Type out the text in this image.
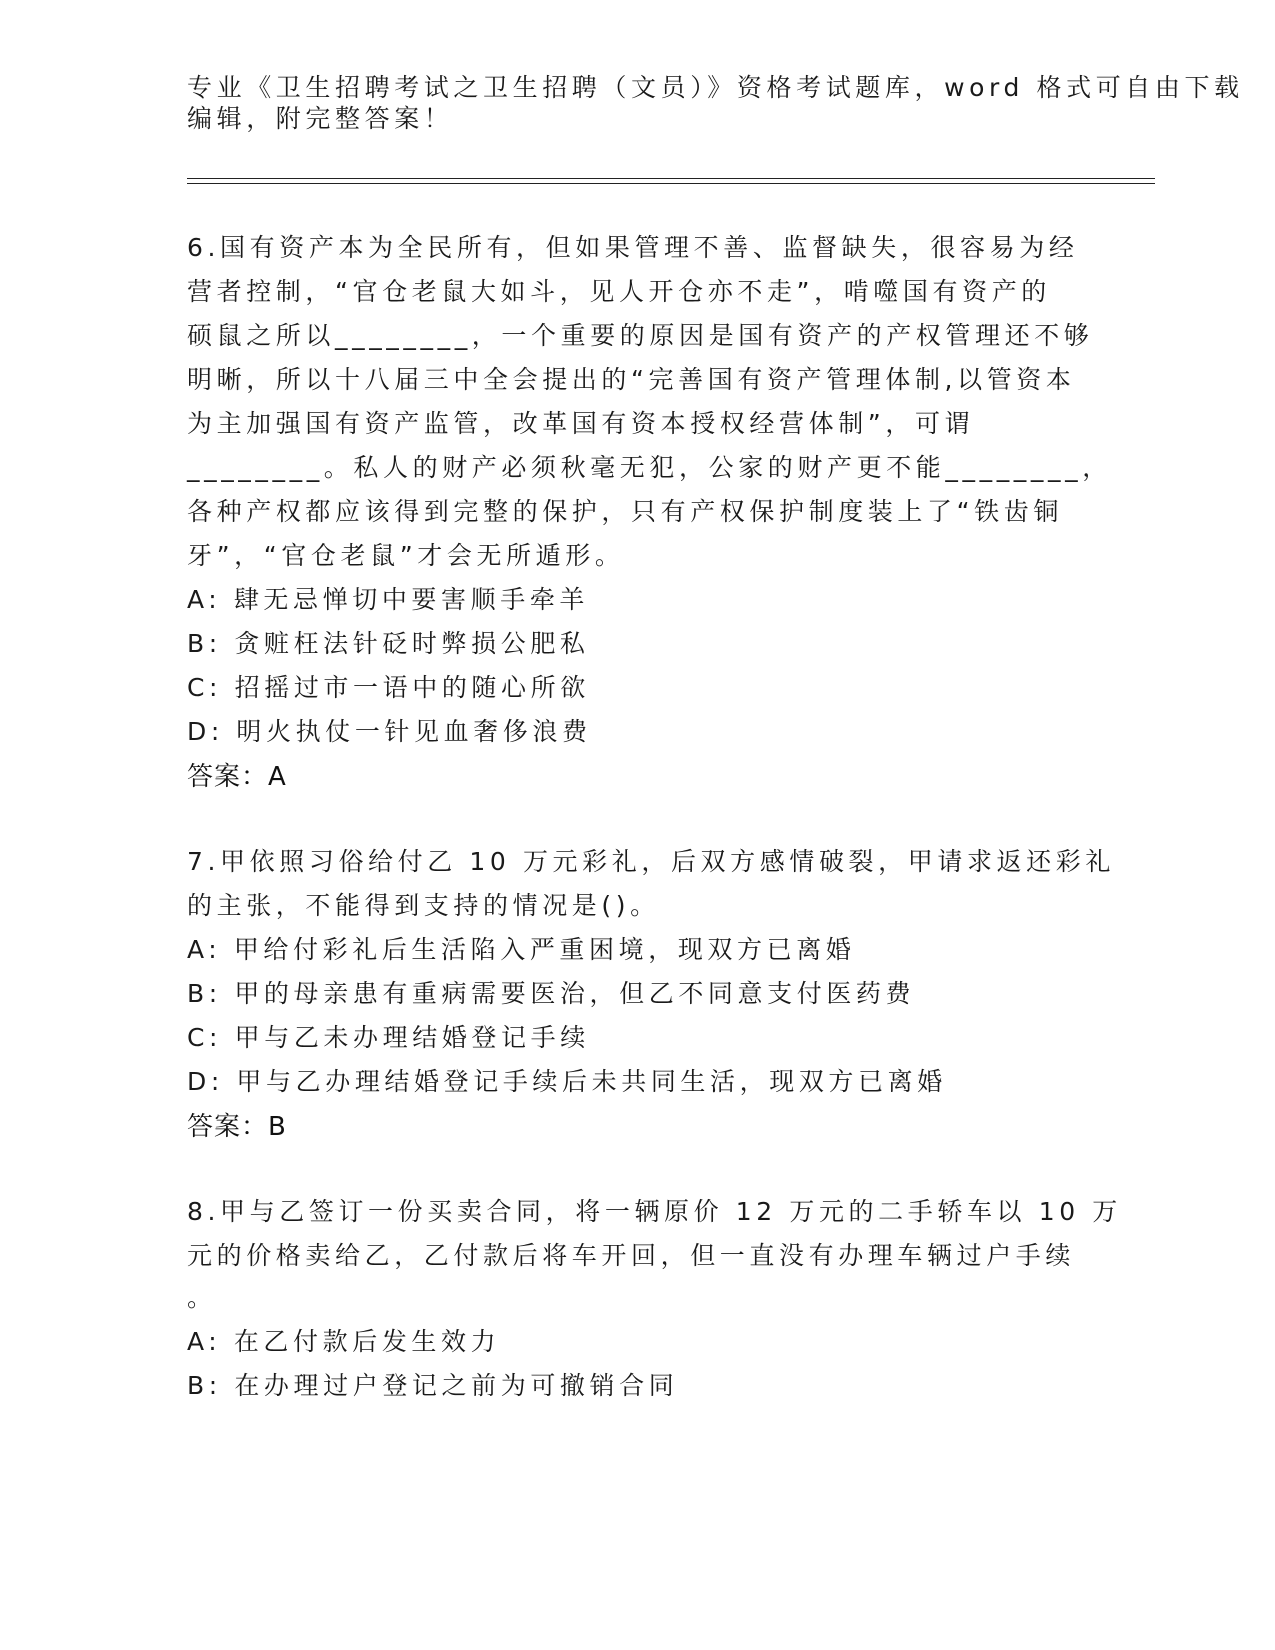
专业《卫生招聘考试之卫生招聘（文员）》资格考试题库，word 格式可自由下载
编辑，附完整答案！
6.国有资产本为全民所有，但如果管理不善、监督缺失，很容易为经
营者控制，“官仓老鼠大如斗，见人开仓亦不走”，啃噬国有资产的
硕鼠之所以________，一个重要的原因是国有资产的产权管理还不够
明晰，所以十八届三中全会提出的“完善国有资产管理体制,以管资本
为主加强国有资产监管，改革国有资本授权经营体制”，可谓
________。私人的财产必须秋毫无犯，公家的财产更不能________，
各种产权都应该得到完整的保护，只有产权保护制度装上了“铁齿铜
牙”，“官仓老鼠”才会无所遁形。
A: 肆无忌惮切中要害顺手牵羊
B: 贪赃枉法针砭时弊损公肥私
C: 招摇过市一语中的随心所欲
D: 明火执仗一针见血奢侈浪费
答案：A
7.甲依照习俗给付乙 10 万元彩礼，后双方感情破裂，甲请求返还彩礼
的主张，不能得到支持的情况是()。
A: 甲给付彩礼后生活陷入严重困境，现双方已离婚
B: 甲的母亲患有重病需要医治，但乙不同意支付医药费
C: 甲与乙未办理结婚登记手续
D: 甲与乙办理结婚登记手续后未共同生活，现双方已离婚
答案：B
8.甲与乙签订一份买卖合同，将一辆原价 12 万元的二手轿车以 10 万
元的价格卖给乙，乙付款后将车开回，但一直没有办理车辆过户手续
。
A: 在乙付款后发生效力
B: 在办理过户登记之前为可撤销合同
